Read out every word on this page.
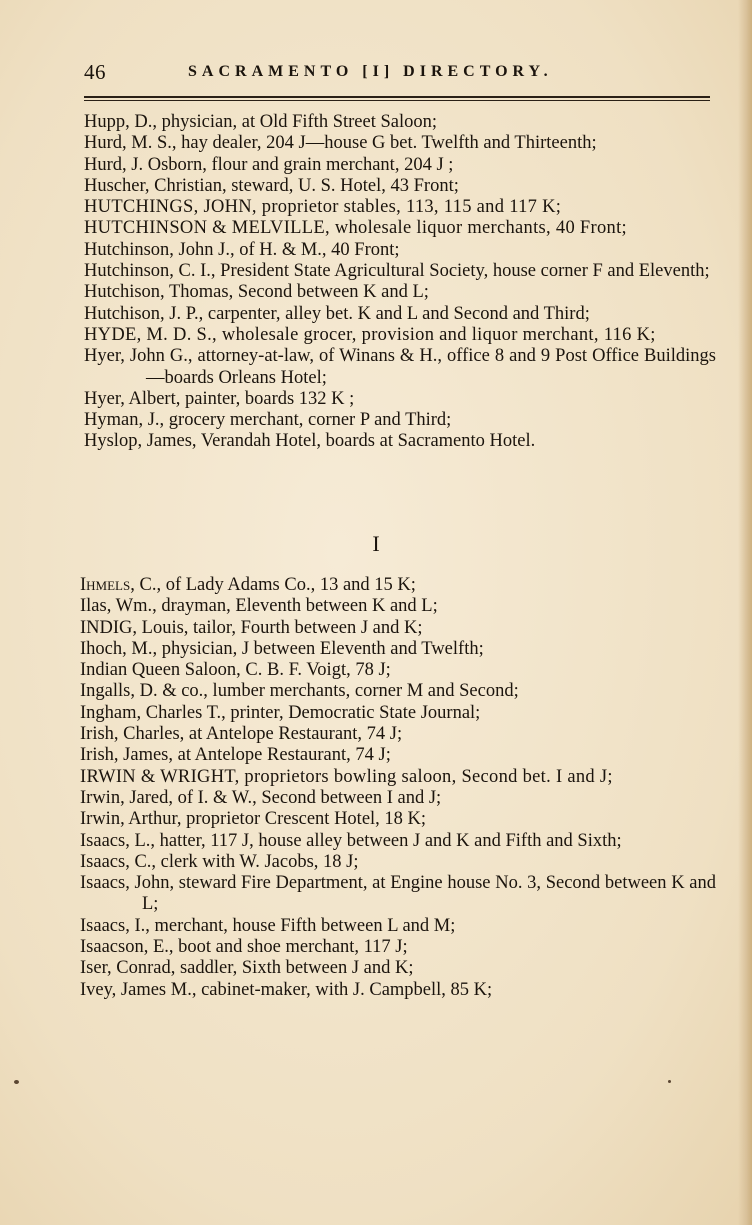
46	SACRAMENTO [I] DIRECTORY.
Hupp, D., physician, at Old Fifth Street Saloon;
Hurd, M. S., hay dealer, 204 J—house G bet. Twelfth and Thirteenth;
Hurd, J. Osborn, flour and grain merchant, 204 J ;
Huscher, Christian, steward, U. S. Hotel, 43 Front;
HUTCHINGS, JOHN, proprietor stables, 113, 115 and 117 K;
HUTCHINSON & MELVILLE, wholesale liquor merchants, 40 Front;
Hutchinson, John J., of H. & M., 40 Front;
Hutchinson, C. I., President State Agricultural Society, house corner F and Eleventh;
Hutchison, Thomas, Second between K and L;
Hutchison, J. P., carpenter, alley bet. K and L and Second and Third;
HYDE, M. D. S., wholesale grocer, provision and liquor merchant, 116 K;
Hyer, John G., attorney-at-law, of Winans & H., office 8 and 9 Post Office Buildings—boards Orleans Hotel;
Hyer, Albert, painter, boards 132 K ;
Hyman, J., grocery merchant, corner P and Third;
Hyslop, James, Verandah Hotel, boards at Sacramento Hotel.
I
Ihmels, C., of Lady Adams Co., 13 and 15 K;
Ilas, Wm., drayman, Eleventh between K and L;
INDIG, Louis, tailor, Fourth between J and K;
Ihoch, M., physician, J between Eleventh and Twelfth;
Indian Queen Saloon, C. B. F. Voigt, 78 J;
Ingalls, D. & co., lumber merchants, corner M and Second;
Ingham, Charles T., printer, Democratic State Journal;
Irish, Charles, at Antelope Restaurant, 74 J;
Irish, James, at Antelope Restaurant, 74 J;
IRWIN & WRIGHT, proprietors bowling saloon, Second bet. I and J;
Irwin, Jared, of I. & W., Second between I and J;
Irwin, Arthur, proprietor Crescent Hotel, 18 K;
Isaacs, L., hatter, 117 J, house alley between J and K and Fifth and Sixth;
Isaacs, C., clerk with W. Jacobs, 18 J;
Isaacs, John, steward Fire Department, at Engine house No. 3, Second between K and L;
Isaacs, I., merchant, house Fifth between L and M;
Isaacson, E., boot and shoe merchant, 117 J;
Iser, Conrad, saddler, Sixth between J and K;
Ivey, James M., cabinet-maker, with J. Campbell, 85 K;
